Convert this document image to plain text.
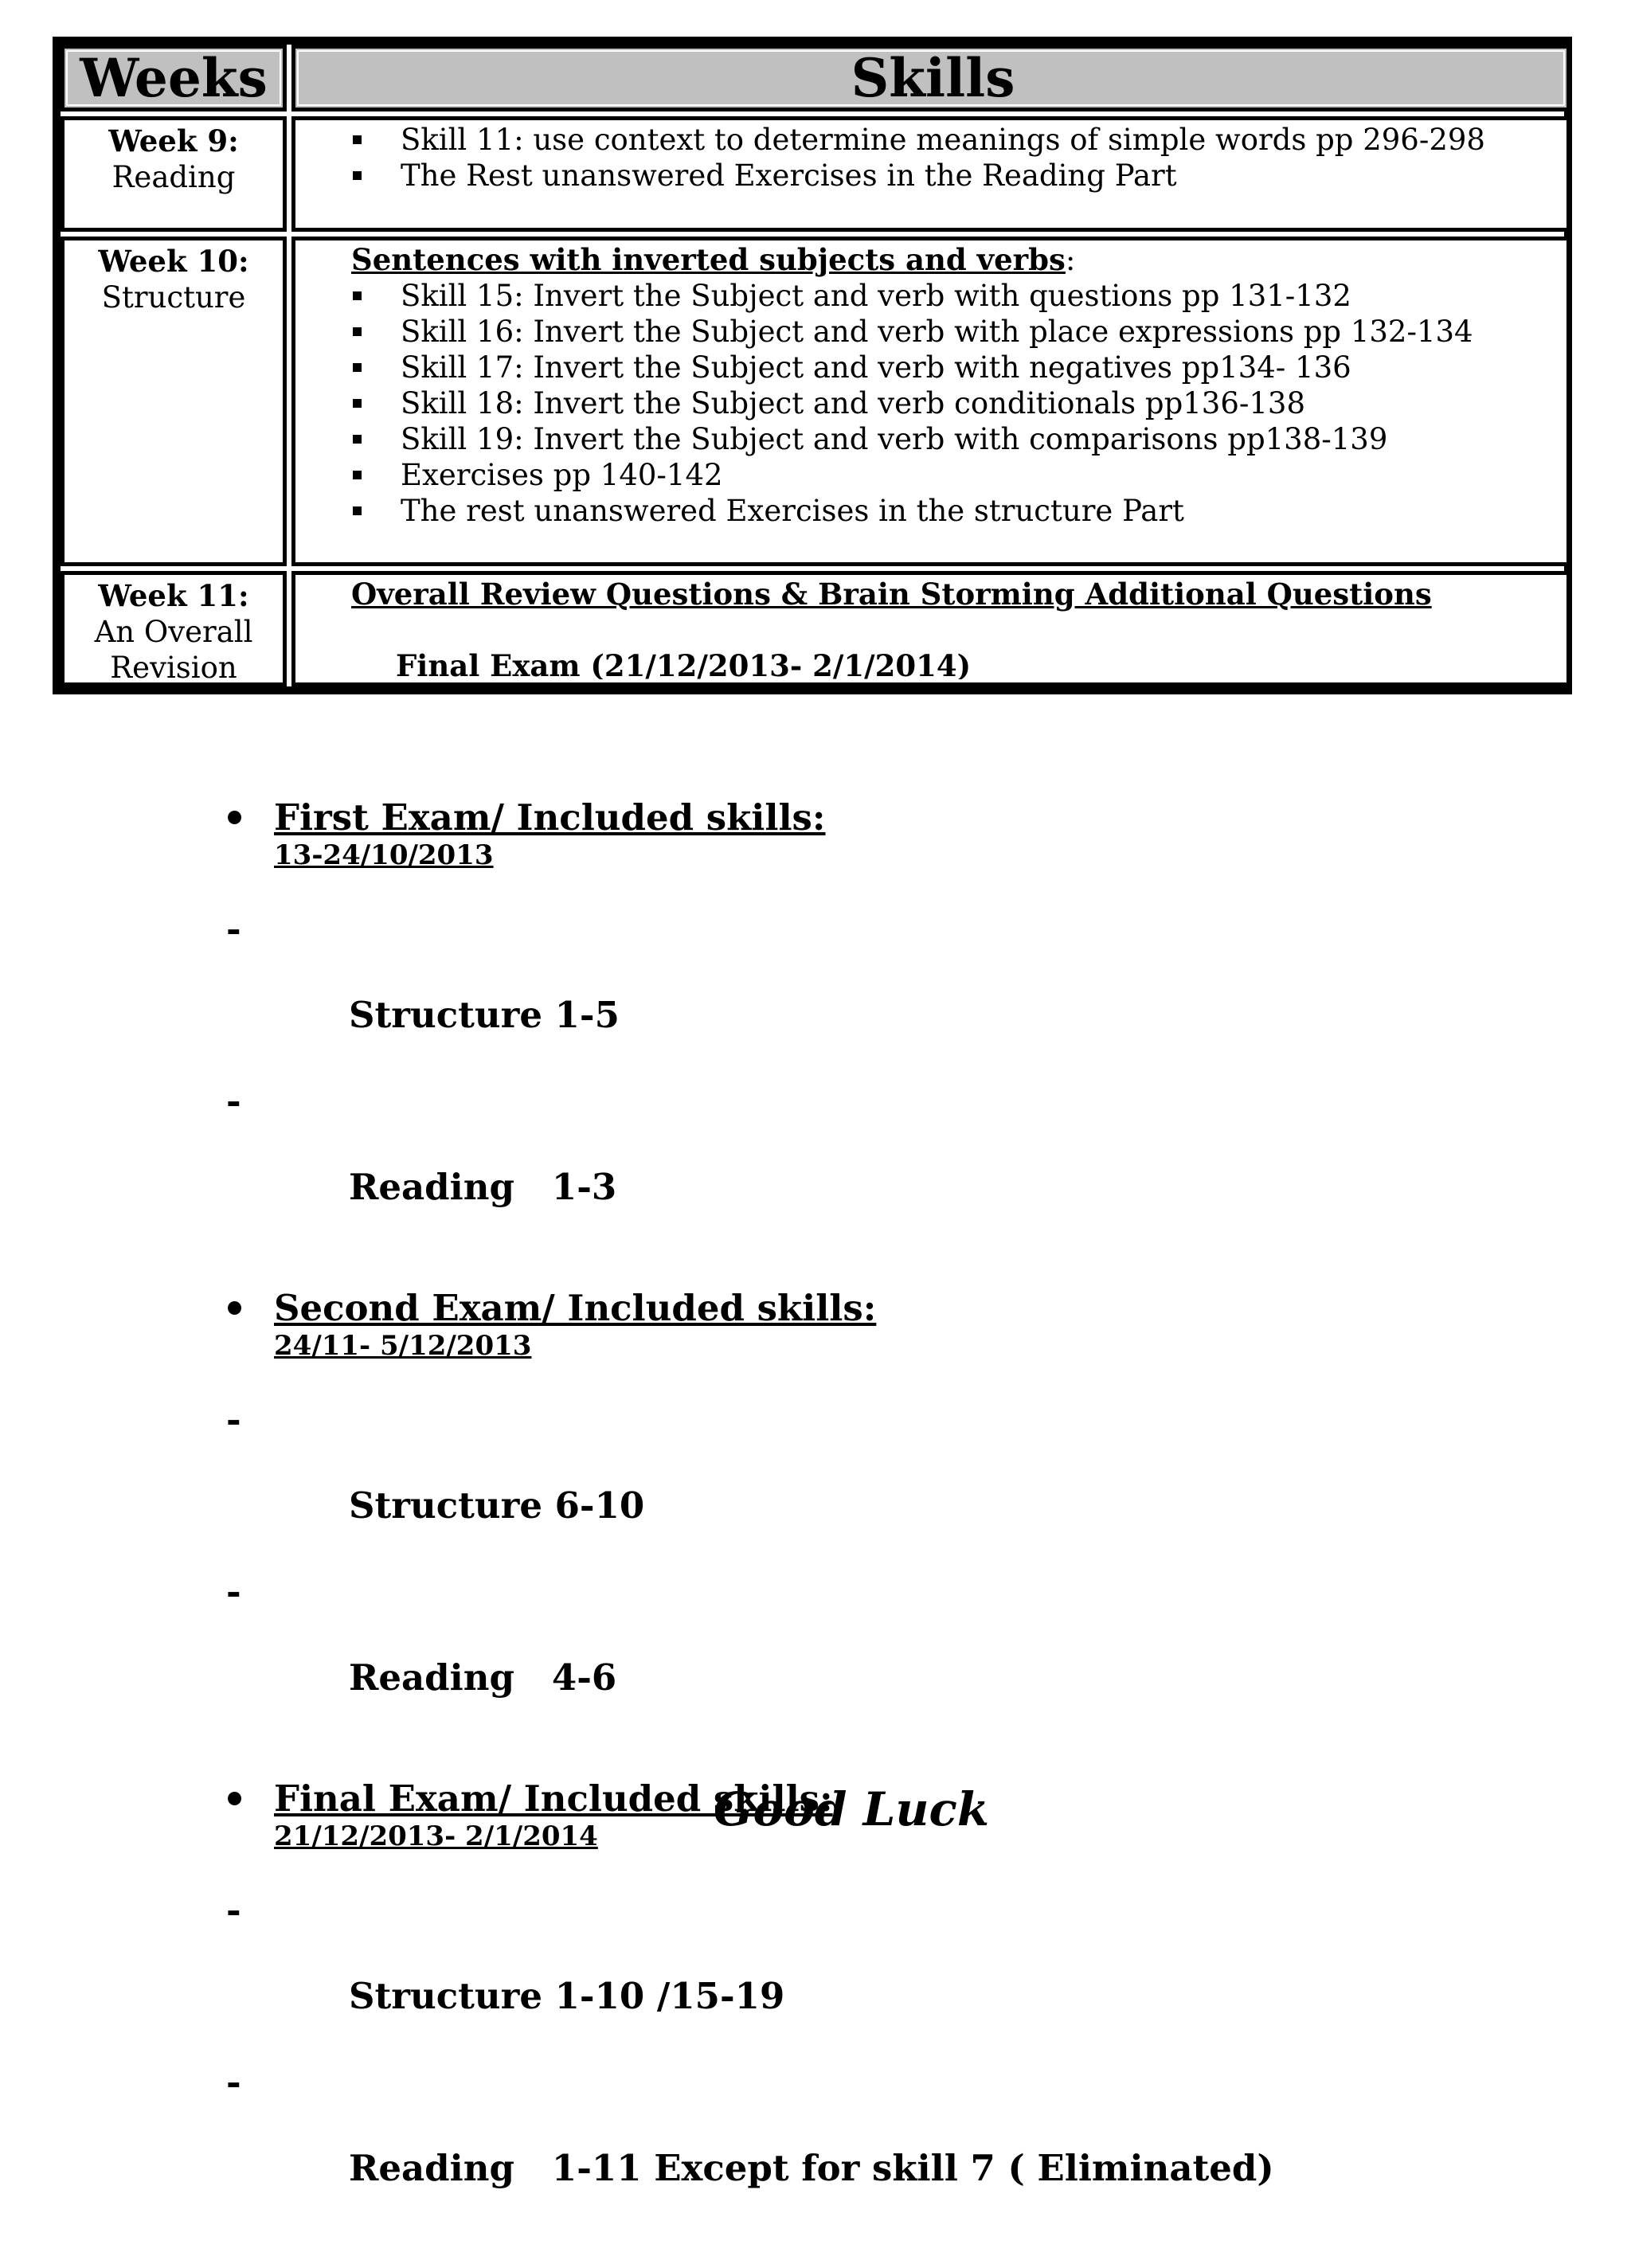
Weeks	Skills
Week 9:
Reading
Skill 11: use context to determine meanings of simple words pp 296-298
The Rest unanswered Exercises in the Reading Part
Week 10:
Structure
Sentences with inverted subjects and verbs:
Skill 15: Invert the Subject and verb with questions pp 131-132
Skill 16: Invert the Subject and verb with place expressions pp 132-134
Skill 17: Invert the Subject and verb with negatives pp134- 136
Skill 18: Invert the Subject and verb conditionals pp136-138
Skill 19: Invert the Subject and verb with comparisons pp138-139
Exercises pp 140-142
The rest unanswered Exercises in the structure Part
Week 11:
An Overall
Revision
Overall Review Questions & Brain Storming Additional Questions
Final Exam (21/12/2013- 2/1/2014)
First Exam/ Included skills:
13-24/10/2013

-

Structure 1-5

-

Reading   1-3

Second Exam/ Included skills:
24/11- 5/12/2013

-

Structure 6-10

-

Reading   4-6

Final Exam/ Included skills:
21/12/2013- 2/1/2014

-

Structure 1-10 /15-19

-

Reading   1-11 Except for skill 7 ( Eliminated)

Good Luck
